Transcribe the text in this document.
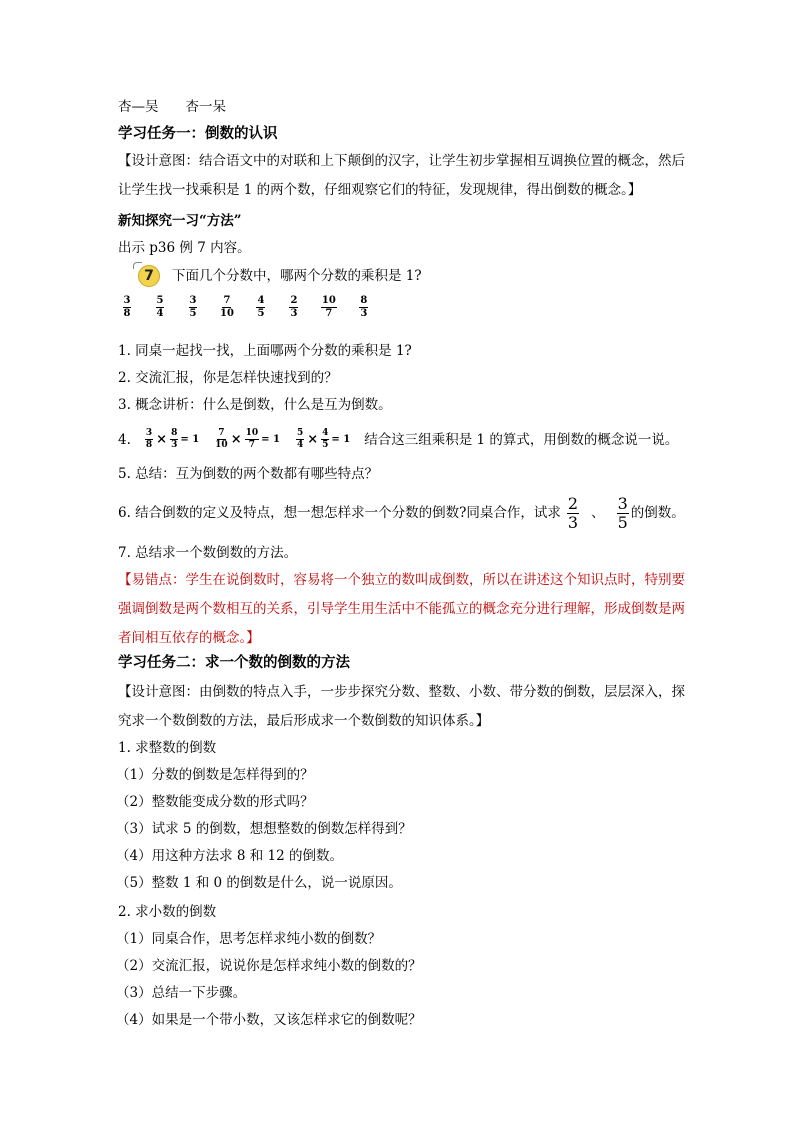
杏—吴　　杏一呆

学习任务一：倒数的认识

【设计意图：结合语文中的对联和上下颠倒的汉字，让学生初步掌握相互调换位置的概念，然后让学生找一找乘积是 1 的两个数，仔细观察它们的特征，发现规律，得出倒数的概念。】

新知探究一习“方法”

出示 p36 例 7 内容。

7 下面几个分数中，哪两个分数的乘积是 1?

$\frac{3}{8} \frac{5}{4} \frac{3}{5} \frac{7}{10} \frac{4}{5} \frac{2}{3} \frac{10}{7} \frac{8}{3}$

1. 同桌一起找一找，上面哪两个分数的乘积是 1?

2. 交流汇报，你是怎样快速找到的？

3. 概念讲析：什么是倒数，什么是互为倒数。

4. $\frac{3}{8} \times \frac{8}{3} = 1 \frac{7}{10} \times \frac{10}{7} = 1 \frac{5}{4} \times \frac{4}{5} = 1$ 结合这三组乘积是 1 的算式，用倒数的概念说一说。

5. 总结：互为倒数的两个数都有哪些特点？

6. 结合倒数的定义及特点，想一想怎样求一个分数的倒数?同桌合作，试求 $\frac{2}{3}$ 、 $\frac{3}{5}$ 的倒数。

7. 总结求一个数倒数的方法。

【易错点：学生在说倒数时，容易将一个独立的数叫成倒数，所以在讲述这个知识点时，特别要强调倒数是两个数相互的关系，引导学生用生活中不能孤立的概念充分进行理解，形成倒数是两者间相互依存的概念。】

学习任务二：求一个数的倒数的方法

【设计意图：由倒数的特点入手，一步步探究分数、整数、小数、带分数的倒数，层层深入，探究求一个数倒数的方法，最后形成求一个数倒数的知识体系。】

1. 求整数的倒数

（1）分数的倒数是怎样得到的？

（2）整数能变成分数的形式吗？

（3）试求 5 的倒数，想想整数的倒数怎样得到？

（4）用这种方法求 8 和 12 的倒数。

（5）整数 1 和 0 的倒数是什么，说一说原因。

2. 求小数的倒数

（1）同桌合作，思考怎样求纯小数的倒数？

（2）交流汇报，说说你是怎样求纯小数的倒数的？

（3）总结一下步骤。

（4）如果是一个带小数，又该怎样求它的倒数呢？
